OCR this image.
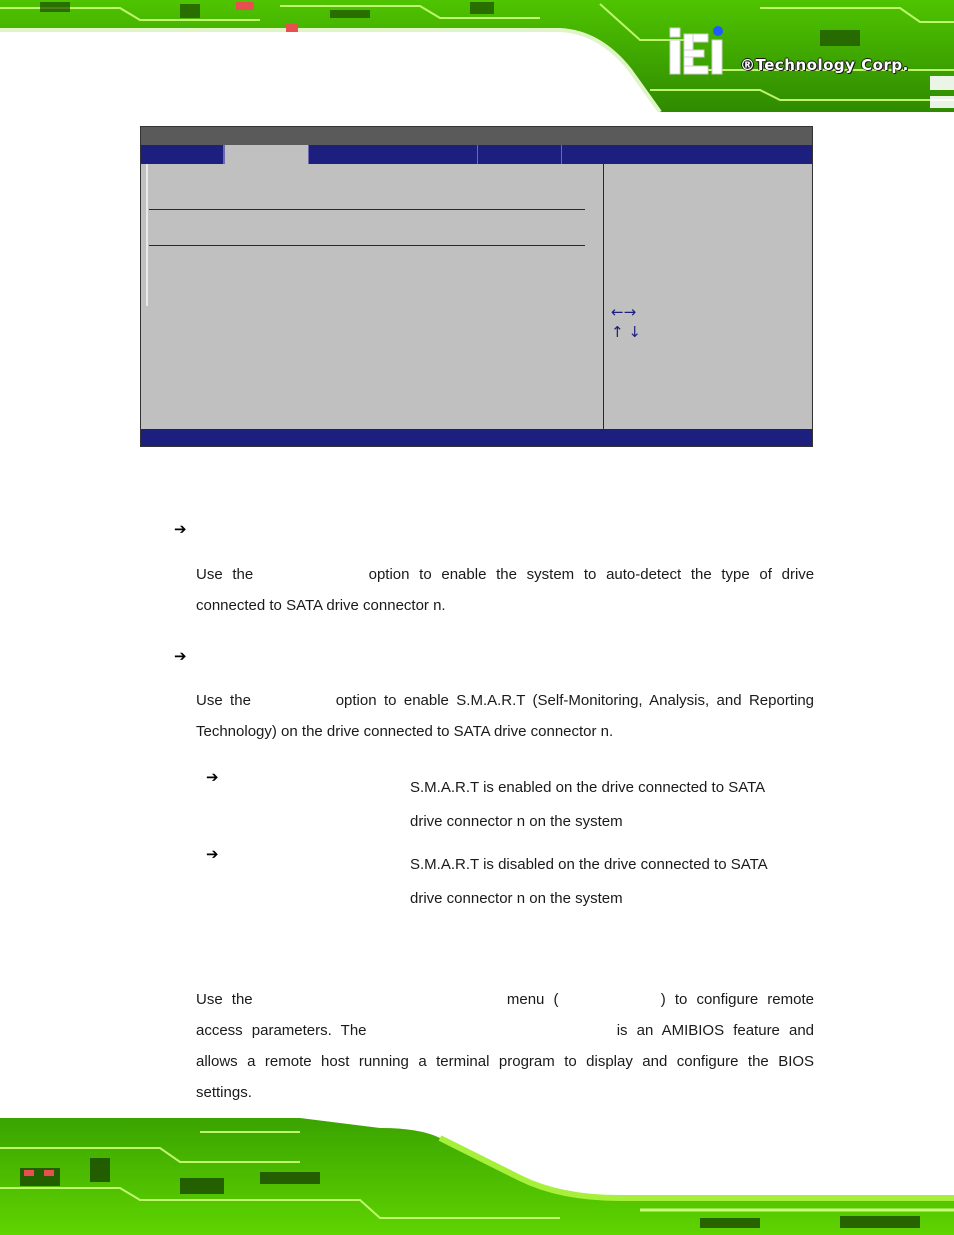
®Technology Corp.
←→
↑ ↓
➔
Use the	option to enable the system to auto-detect the type of drive
connected to SATA drive connector n.
➔
Use the	option to enable S.M.A.R.T (Self-Monitoring, Analysis, and Reporting
Technology) on the drive connected to SATA drive connector n.
➔
S.M.A.R.T is enabled on the drive connected to SATA
drive connector n on the system
➔
S.M.A.R.T is disabled on the drive connected to SATA
drive connector n on the system
Use the	menu (	) to configure remote
access parameters. The	is an AMIBIOS feature and
allows a remote host running a terminal program to display and configure the BIOS
settings.
